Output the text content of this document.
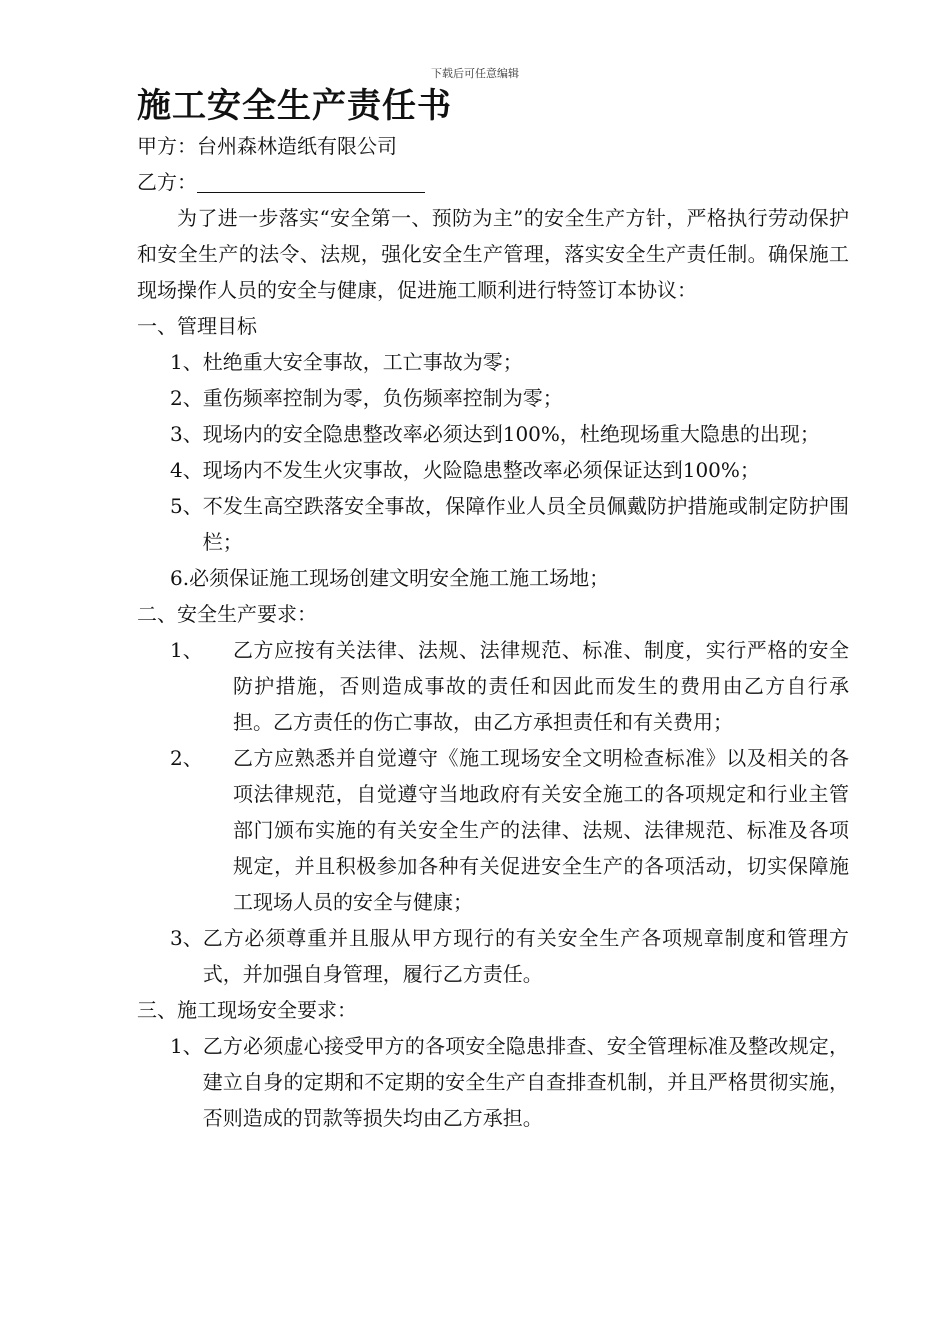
下载后可任意编辑
施工安全生产责任书

甲方：台州森林造纸有限公司

乙方：

为了进一步落实“安全第一、预防为主”的安全生产方针，严格执行劳动保护和安全生产的法令、法规，强化安全生产管理，落实安全生产责任制。确保施工现场操作人员的安全与健康，促进施工顺利进行特签订本协议：

一、管理目标

1、 杜绝重大安全事故，工亡事故为零；
2、 重伤频率控制为零，负伤频率控制为零；
3、 现场内的安全隐患整改率必须达到100%，杜绝现场重大隐患的出现；
4、 现场内不发生火灾事故，火险隐患整改率必须保证达到100%；
5、 不发生高空跌落安全事故，保障作业人员全员佩戴防护措施或制定防护围栏；
6. 必须保证施工现场创建文明安全施工施工场地；

二、安全生产要求：

1、	乙方应按有关法律、法规、法律规范、标准、制度，实行严格的安全防护措施，否则造成事故的责任和因此而发生的费用由乙方自行承担。乙方责任的伤亡事故，由乙方承担责任和有关费用；
2、	乙方应熟悉并自觉遵守《施工现场安全文明检查标准》以及相关的各项法律规范，自觉遵守当地政府有关安全施工的各项规定和行业主管部门颁布实施的有关安全生产的法律、法规、法律规范、标准及各项规定，并且积极参加各种有关促进安全生产的各项活动，切实保障施工现场人员的安全与健康；
3、 乙方必须尊重并且服从甲方现行的有关安全生产各项规章制度和管理方式，并加强自身管理，履行乙方责任。

三、施工现场安全要求：

1、 乙方必须虚心接受甲方的各项安全隐患排查、安全管理标准及整改规定，建立自身的定期和不定期的安全生产自查排查机制，并且严格贯彻实施，否则造成的罚款等损失均由乙方承担。
